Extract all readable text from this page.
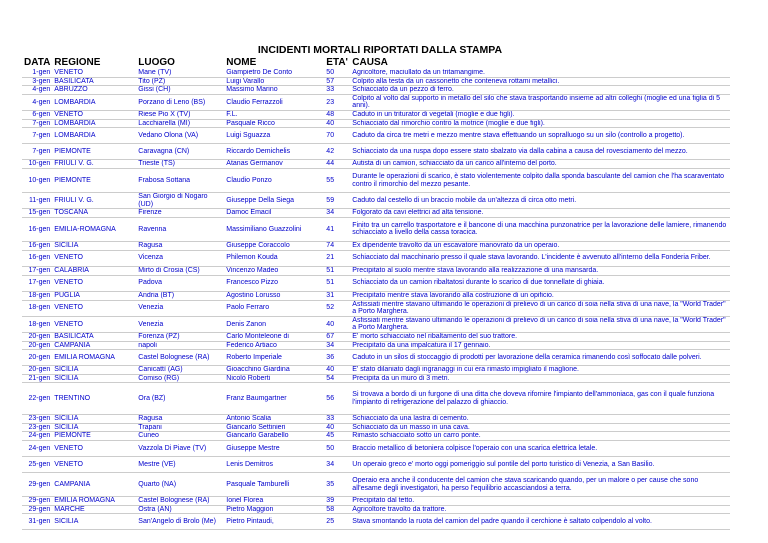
INCIDENTI MORTALI RIPORTATI DALLA STAMPA
DATA	REGIONE	LUOGO	NOME	ETA'	CAUSA
1-gen	VENETO	Mane (TV)	Giampietro De Conto	50	Agricoltore, maciullato da un tritamangime.
3-gen	BASILICATA	Tito (PZ)	Luigi Varallo	57	Colpito alla testa da un cassonetto che conteneva rottami metallici.
4-gen	ABRUZZO	Gissi (CH)	Massimo Marino	33	Schiacciato da un pezzo di ferro.
4-gen	LOMBARDIA	Porzano di Leno (BS)	Claudio Ferrazzoli	23	Colpito al volto dal supporto in metallo del silo che stava trasportando insieme ad altri colleghi (moglie ed una figlia di 5 anni).
6-gen	VENETO	Riese Pio X (TV)	F.L.	48	Caduto in un triturator di vegetali (moglie e due figli).
7-gen	LOMBARDIA	Lacchiarella (MI)	Pasquale Ricco	40	Schiacciato dal rimorchio contro la motrice (moglie e due figli).
7-gen	LOMBARDIA	Vedano Olona (VA)	Luigi Sguazza	70	Caduto da circa tre metri e mezzo mentre stava effettuando un sopralluogo su un silo (controllo a progetto).
7-gen	PIEMONTE	Caravagna (CN)	Riccardo Demichelis	42	Schiacciato da una ruspa dopo essere stato sbalzato via dalla cabina a causa del rovesciamento del mezzo.
10-gen	FRIULI V. G.	Trieste (TS)	Atanas Germanov	44	Autista di un camion, schiacciato da un carico all'interno del porto.
10-gen	PIEMONTE	Frabosa Sottana	Claudio Ponzo	55	Durante le operazioni di scarico, è stato violentemente colpito dalla sponda basculante del camion che l'ha scaraventato contro il rimorchio del mezzo pesante.
11-gen	FRIULI V. G.	San Giorgio di Nogaro (UD)	Giuseppe Della Siega	59	Caduto dal cestello di un braccio mobile da un'altezza di circa otto metri.
15-gen	TOSCANA	Firenze	Damoc Emacil	34	Folgorato da cavi elettrici ad alta tensione.
16-gen	EMILIA-ROMAGNA	Ravenna	Massimiliano Guazzolini	41	Finito tra un carrello trasportatore e il bancone di una macchina punzonatrice per la lavorazione delle lamiere, rimanendo schiacciato a livello della cassa toracica.
16-gen	SICILIA	Ragusa	Giuseppe Coraccolo	74	Ex dipendente travolto da un escavatore manovrato da un operaio.
16-gen	VENETO	Vicenza	Philemon Kouda	21	Schiacciato dal macchinario presso il quale stava lavorando. L'incidente è avvenuto all'interno della Fonderia Friber.
17-gen	CALABRIA	Mirto di Crosia (CS)	Vincenzo Madeo	51	Precipitato al suolo mentre stava lavorando alla realizzazione di una mansarda.
17-gen	VENETO	Padova	Francesco Pizzo	51	Schiacciato da un camion ribaltatosi durante lo scarico di due tonnellate di ghiaia.
18-gen	PUGLIA	Andria (BT)	Agostino Lorusso	31	Precipitato mentre stava lavorando alla costruzione di un opificio.
18-gen	VENETO	Venezia	Paolo Ferraro	52	Asfissiati mentre stavano ultimando le operazioni di prelievo di un carico di soia nella stiva di una nave, la "World Trader" a Porto Marghera.
18-gen	VENETO	Venezia	Denis Zanon	40	Asfissiati mentre stavano ultimando le operazioni di prelievo di un carico di soia nella stiva di una nave, la "World Trader" a Porto Marghera.
20-gen	BASILICATA	Forenza (PZ)	Carlo Monteleone di	67	E' morto schiacciato nel ribaltamento del suo trattore.
20-gen	CAMPANIA	napoli	Federico Artiaco	34	Precipitato da una impalcatura il 17 gennaio.
20-gen	EMILIA ROMAGNA	Castel Bolognese (RA)	Roberto Imperiale	36	Caduto in un silos di stoccaggio di prodotti per lavorazione della ceramica rimanendo così soffocato dalle polveri.
20-gen	SICILIA	Canicattì (AG)	Gioacchino Giardina	40	E' stato dilaniato dagli ingranaggi in cui era rimasto impigliato il maglione.
21-gen	SICILIA	Comiso (RG)	Nicolò Roberti	54	Precipita da un muro di 3 metri.
22-gen	TRENTINO	Ora (BZ)	Franz Baumgartner	56	Si trovava a bordo di un furgone di una ditta che doveva rifornire l'impianto dell'ammoniaca, gas con il quale funziona l'impianto di refrigerazione del palazzo di ghiaccio.
23-gen	SICILIA	Ragusa	Antonio Scalia	33	Schiacciato da una lastra di cemento.
23-gen	SICILIA	Trapani	Giancarlo Settinieri	40	Schiacciato da un masso in una cava.
24-gen	PIEMONTE	Cuneo	Giancarlo Garabello	45	Rimasto schiacciato sotto un carro ponte.
24-gen	VENETO	Vazzola Di Piave (TV)	Giuseppe Mestre	50	Braccio metallico di betoniera colpisce l'operaio con una scarica elettrica letale.
25-gen	VENETO	Mestre (VE)	Lenis Demitros	34	Un operaio greco e' morto oggi pomeriggio sul pontile del porto turistico di Venezia, a San Basilio.
29-gen	CAMPANIA	Quarto (NA)	Pasquale Tamburelli	35	Operaio era anche il conducente del camion che stava scaricando quando, per un malore o per cause che sono all'esame degli investigatori, ha perso l'equilibrio accasciandosi a terra.
29-gen	EMILIA ROMAGNA	Castel Bolognese (RA)	Ionel Florea	39	Precipitato dal tetto.
29-gen	MARCHE	Ostra (AN)	Pietro Maggion	58	Agricoltore travolto da trattore.
31-gen	SICILIA	San'Angelo di Brolo (Me)	Pietro Pintaudi,	25	Stava smontando la ruota del camion del padre quando il cerchione è saltato colpendolo al volto.
